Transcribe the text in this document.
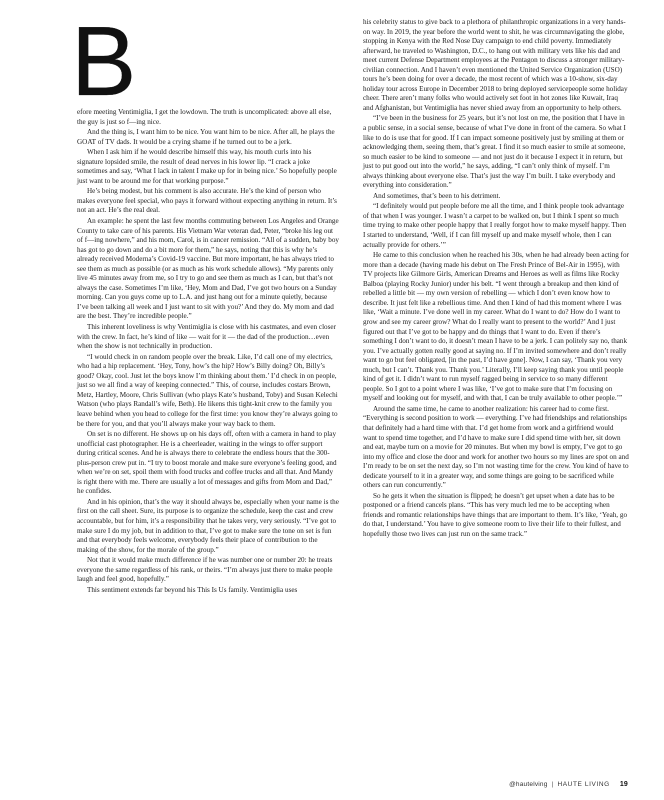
B

efore meeting Ventimiglia, I get the lowdown. The truth is uncomplicated: above all else, the guy is just so f—ing nice.

And the thing is, I want him to be nice. You want him to be nice. After all, he plays the GOAT of TV dads. It would be a crying shame if he turned out to be a jerk.

When I ask him if he would describe himself this way, his mouth curls into his signature lopsided smile, the result of dead nerves in his lower lip. “I crack a joke sometimes and say, ‘What I lack in talent I make up for in being nice.’ So hopefully people just want to be around me for that working purpose.”

He’s being modest, but his comment is also accurate. He’s the kind of person who makes everyone feel special, who pays it forward without expecting anything in return. It’s not an act. He’s the real deal.

An example: he spent the last few months commuting between Los Angeles and Orange County to take care of his parents. His Vietnam War veteran dad, Peter, “broke his leg out of f—ing nowhere,” and his mom, Carol, is in cancer remission. “All of a sudden, baby boy has got to go down and do a bit more for them,” he says, noting that this is why he’s already received Moderna’s Covid-19 vaccine. But more important, he has always tried to see them as much as possible (or as much as his work schedule allows). “My parents only live 45 minutes away from me, so I try to go and see them as much as I can, but that’s not always the case. Sometimes I’m like, ‘Hey, Mom and Dad, I’ve got two hours on a Sunday morning. Can you guys come up to L.A. and just hang out for a minute quietly, because I’ve been talking all week and I just want to sit with you?’ And they do. My mom and dad are the best. They’re incredible people.”

This inherent loveliness is why Ventimiglia is close with his castmates, and even closer with the crew. In fact, he’s kind of like — wait for it — the dad of the production…even when the show is not technically in production.

“I would check in on random people over the break. Like, I’d call one of my electrics, who had a hip replacement. ‘Hey, Tony, how’s the hip? How’s Billy doing? Oh, Billy’s good? Okay, cool. Just let the boys know I’m thinking about them.’ I’d check in on people, just so we all find a way of keeping connected.” This, of course, includes costars Brown, Metz, Hartley, Moore, Chris Sullivan (who plays Kate’s husband, Toby) and Susan Kelechi Watson (who plays Randall’s wife, Beth). He likens this tight-knit crew to the family you leave behind when you head to college for the first time: you know they’re always going to be there for you, and that you’ll always make your way back to them.

On set is no different. He shows up on his days off, often with a camera in hand to play unofficial cast photographer. He is a cheerleader, waiting in the wings to offer support during critical scenes. And he is always there to celebrate the endless hours that the 300-plus-person crew put in. “I try to boost morale and make sure everyone’s feeling good, and when we’re on set, spoil them with food trucks and coffee trucks and all that. And Mandy is right there with me. There are usually a lot of messages and gifts from Mom and Dad,” he confides.

And in his opinion, that’s the way it should always be, especially when your name is the first on the call sheet. Sure, its purpose is to organize the schedule, keep the cast and crew accountable, but for him, it’s a responsibility that he takes very, very seriously. “I’ve got to make sure I do my job, but in addition to that, I’ve got to make sure the tone on set is fun and that everybody feels welcome, everybody feels their place of contribution to the making of the show, for the morale of the group.”

Not that it would make much difference if he was number one or number 20: he treats everyone the same regardless of his rank, or theirs. “I’m always just there to make people laugh and feel good, hopefully.”

This sentiment extends far beyond his This Is Us family. Ventimiglia uses

his celebrity status to give back to a plethora of philanthropic organizations in a very hands-on way. In 2019, the year before the world went to shit, he was circumnavigating the globe, stopping in Kenya with the Red Nose Day campaign to end child poverty. Immediately afterward, he traveled to Washington, D.C., to hang out with military vets like his dad and meet current Defense Department employees at the Pentagon to discuss a stronger military-civilian connection. And I haven’t even mentioned the United Service Organization (USO) tours he’s been doing for over a decade, the most recent of which was a 10-show, six-day holiday tour across Europe in December 2018 to bring deployed servicepeople some holiday cheer. There aren’t many folks who would actively set foot in hot zones like Kuwait, Iraq and Afghanistan, but Ventimiglia has never shied away from an opportunity to help others.

“I’ve been in the business for 25 years, but it’s not lost on me, the position that I have in a public sense, in a social sense, because of what I’ve done in front of the camera. So what I like to do is use that for good. If I can impact someone positively just by smiling at them or acknowledging them, seeing them, that’s great. I find it so much easier to smile at someone, so much easier to be kind to someone — and not just do it because I expect it in return, but just to put good out into the world,” he says, adding, “I can’t only think of myself. I’m always thinking about everyone else. That’s just the way I’m built. I take everybody and everything into consideration.”

And sometimes, that’s been to his detriment.

“I definitely would put people before me all the time, and I think people took advantage of that when I was younger. I wasn’t a carpet to be walked on, but I think I spent so much time trying to make other people happy that I really forgot how to make myself happy. Then I started to understand, ‘Well, if I can fill myself up and make myself whole, then I can actually provide for others.’”

He came to this conclusion when he reached his 30s, when he had already been acting for more than a decade (having made his debut on The Fresh Prince of Bel-Air in 1995), with TV projects like Gilmore Girls, American Dreams and Heroes as well as films like Rocky Balboa (playing Rocky Junior) under his belt. “I went through a breakup and then kind of rebelled a little bit — my own version of rebelling — which I don’t even know how to describe. It just felt like a rebellious time. And then I kind of had this moment where I was like, ‘Wait a minute. I’ve done well in my career. What do I want to do? How do I want to grow and see my career grow? What do I really want to present to the world?’ And I just figured out that I’ve got to be happy and do things that I want to do. Even if there’s something I don’t want to do, it doesn’t mean I have to be a jerk. I can politely say no, thank you. I’ve actually gotten really good at saying no. If I’m invited somewhere and don’t really want to go but feel obligated, [in the past, I’d have gone]. Now, I can say, ‘Thank you very much, but I can’t. Thank you. Thank you.’ Literally, I’ll keep saying thank you until people kind of get it. I didn’t want to run myself ragged being in service to so many different people. So I got to a point where I was like, ‘I’ve got to make sure that I’m focusing on myself and looking out for myself, and with that, I can be truly available to other people.’”

Around the same time, he came to another realization: his career had to come first. “Everything is second position to work — everything. I’ve had friendships and relationships that definitely had a hard time with that. I’d get home from work and a girlfriend would want to spend time together, and I’d have to make sure I did spend time with her, sit down and eat, maybe turn on a movie for 20 minutes. But when my bowl is empty, I’ve got to go into my office and close the door and work for another two hours so my lines are spot on and I’m ready to be on set the next day, so I’m not wasting time for the crew. You kind of have to dedicate yourself to it in a greater way, and some things are going to be sacrificed while others can run concurrently.”

So he gets it when the situation is flipped; he doesn’t get upset when a date has to be postponed or a friend cancels plans. “This has very much led me to be accepting when friends and romantic relationships have things that are important to them. It’s like, ‘Yeah, go do that, I understand.’ You have to give someone room to live their life to their fullest, and hopefully those two lives can just run on the same track.”

@hautelving | HAUTE LIVING 19
